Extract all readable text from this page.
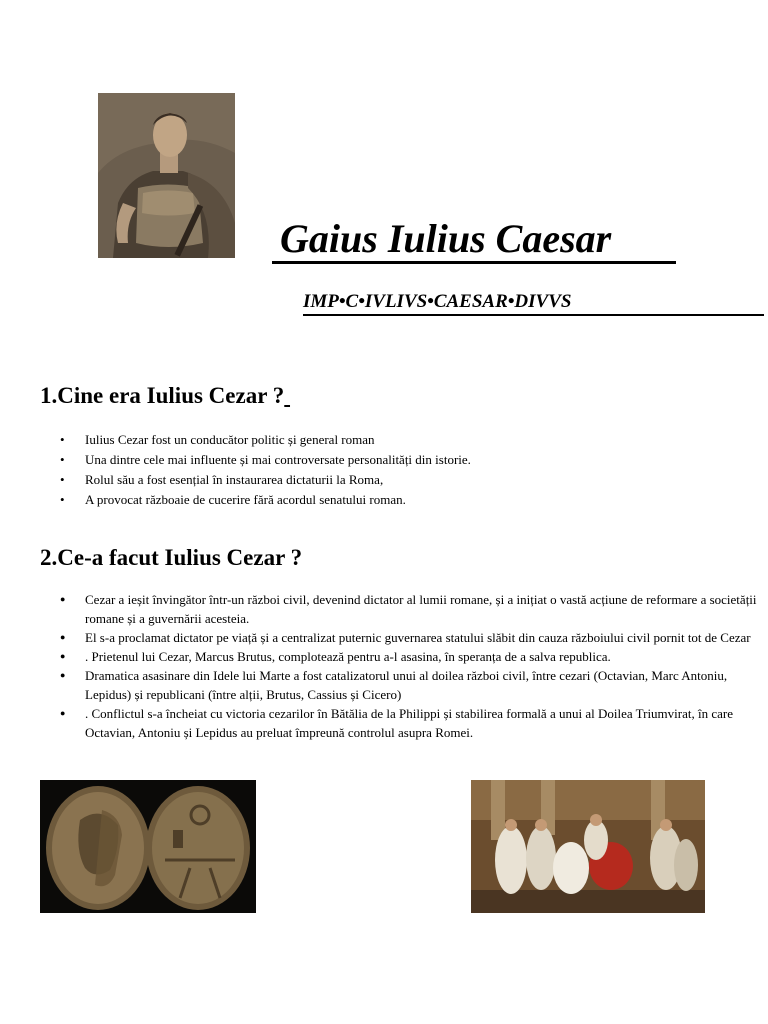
Gaius Iulius Caesar
IMP•C•IVLIVS•CAESAR•DIVVS
1.Cine era Iulius Cezar ?
• Iulius Cezar fost un conducător politic și general roman
• Una dintre cele mai influente și mai controversate personalități din istorie.
• Rolul său a fost esențial în instaurarea dictaturii la Roma,
• A provocat războaie de cucerire fără acordul senatului roman.
2.Ce-a facut Iulius Cezar ?
● Cezar a ieșit învingător într-un război civil, devenind dictator al lumii romane, și a inițiat o vastă acțiune de reformare a societății romane și a guvernării acesteia.
● El s-a proclamat dictator pe viață și a centralizat puternic guvernarea statului slăbit din cauza războiului civil pornit tot de Cezar
● . Prietenul lui Cezar, Marcus Brutus, complotează pentru a-l asasina, în speranța de a salva republica.
● Dramatica asasinare din Idele lui Marte a fost catalizatorul unui al doilea război civil, între cezari (Octavian, Marc Antoniu, Lepidus) și republicani (între alții, Brutus, Cassius și Cicero)
● . Conflictul s-a încheiat cu victoria cezarilor în Bătălia de la Philippi și stabilirea formală a unui al Doilea Triumvirat, în care Octavian, Antoniu și Lepidus au preluat împreună controlul asupra Romei.
